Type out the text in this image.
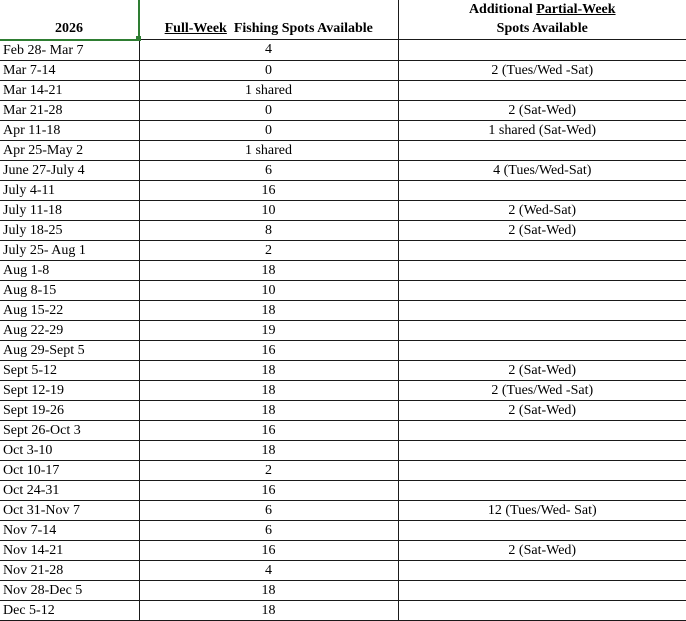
2026	Full-Week Fishing Spots Available	Additional Partial-Week
Spots Available

Feb 28- Mar 7	4	
Mar 7-14	0	2 (Tues/Wed -Sat)
Mar 14-21	1 shared	
Mar 21-28	0	2 (Sat-Wed)
Apr 11-18	0	1 shared (Sat-Wed)
Apr 25-May 2	1 shared	
June 27-July 4	6	4 (Tues/Wed-Sat)
July 4-11	16	
July 11-18	10	2 (Wed-Sat)
July 18-25	8	2 (Sat-Wed)
July 25- Aug 1	2	
Aug 1-8	18	
Aug 8-15	10	
Aug 15-22	18	
Aug 22-29	19	
Aug 29-Sept 5	16	
Sept 5-12	18	2 (Sat-Wed)
Sept 12-19	18	2 (Tues/Wed -Sat)
Sept 19-26	18	2 (Sat-Wed)
Sept 26-Oct 3	16	
Oct 3-10	18	
Oct 10-17	2	
Oct 24-31	16	
Oct 31-Nov 7	6	12 (Tues/Wed- Sat)
Nov 7-14	6	
Nov 14-21	16	2 (Sat-Wed)
Nov 21-28	4	
Nov 28-Dec 5	18	
Dec 5-12	18	
